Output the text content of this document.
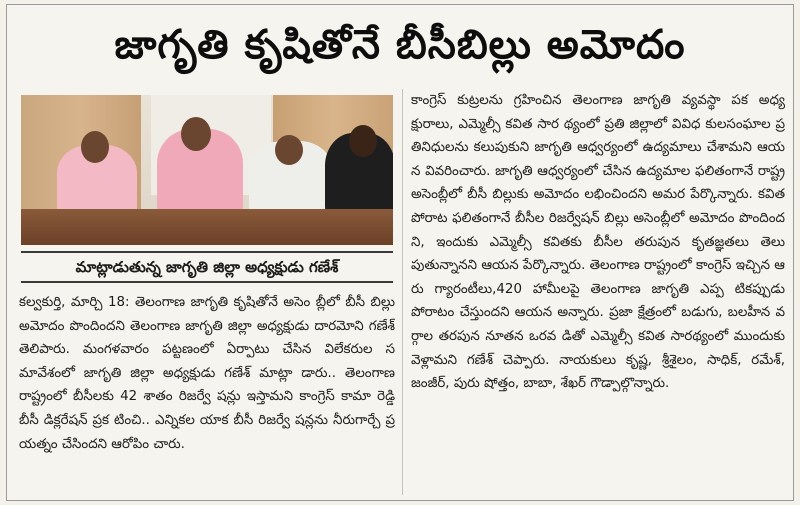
జాగృతి కృషితోనే బీసీబిల్లు అమోదం
మాట్లాడుతున్న జాగృతి జిల్లా అధ్యక్షుడు గణేశ్
కల్వకుర్తి, మార్చి 18: తెలంగాణ జాగృతి కృషితోనే అసెం బ్లీలో బీసీ బిల్లు అమోదం పొందిందని తెలంగాణ జాగృతి జిల్లా అధ్యక్షుడు దారమోని గణేశ్ తెలిపారు. మంగళవారం పట్టణంలో ఏర్పాటు చేసిన విలేకరుల సమావేశంలో జాగృతి జిల్లా అధ్యక్షుడు గణేశ్ మాట్లా డారు.. తెలంగాణ రాష్ట్రంలో బీసీలకు 42 శాతం రిజర్వే షన్లు ఇస్తామని కాంగ్రెస్ కామా రెడ్డి బీసీ డిక్లరేషన్ ప్రక టించి.. ఎన్నికల యాక బీసీ రిజర్వే షన్లను నీరుగార్చే ప్రయత్నం చేసిందని ఆరోపిం చారు.
కాంగ్రెస్ కుట్రలను గ్రహించిన తెలంగాణ జాగృతి వ్యవస్థా పక అధ్య క్షురాలు, ఎమ్మెల్సీ కవిత సార థ్యంలో ప్రతి జిల్లాలో వివిధ కులసంఘాల ప్రతినిధులను కలుపుకుని జాగృతి ఆధ్వర్యంలో ఉద్యమాలు చేశామని ఆయన వివరించారు. జాగృతి ఆధ్వర్యంలో చేసిన ఉద్యమాల ఫలితంగానే రాష్ట్ర అసెంబ్లీలో బీసీ బిల్లుకు అమోదం లభించిందని అమర పేర్కొన్నారు. కవిత పోరాట ఫలితంగానే బీసీల రిజర్వేషన్ బిల్లు అసెంబ్లీలో అమోదం పొందిందని, ఇందుకు ఎమ్మెల్సీ కవితకు బీసీల తరుపున కృతజ్ఞతలు తెలు పుతున్నానని ఆయన పేర్కొన్నారు. తెలంగాణ రాష్ట్రంలో కాంగ్రెస్ ఇచ్చిన ఆరు గ్యారంటీలు,420 హామీలపై తెలంగాణ జాగృతి ఎప్ప టికప్పుడు పోరాటం చేస్తుందని ఆయన అన్నారు. ప్రజా క్షేత్రంలో బడుగు, బలహీన వర్గాల తరపున నూతన ఒరవ డితో ఎమ్మెల్సీ కవిత సారథ్యంలో ముందుకు వెళ్లామని గణేశ్ చెప్పారు. నాయకులు కృష్ణ, శ్రీశైలం, సాధిక్, రమేశ్, జంజీర్, పురు షోత్తం, బాబా, శేఖర్ గౌడ్పాల్గొన్నారు.
